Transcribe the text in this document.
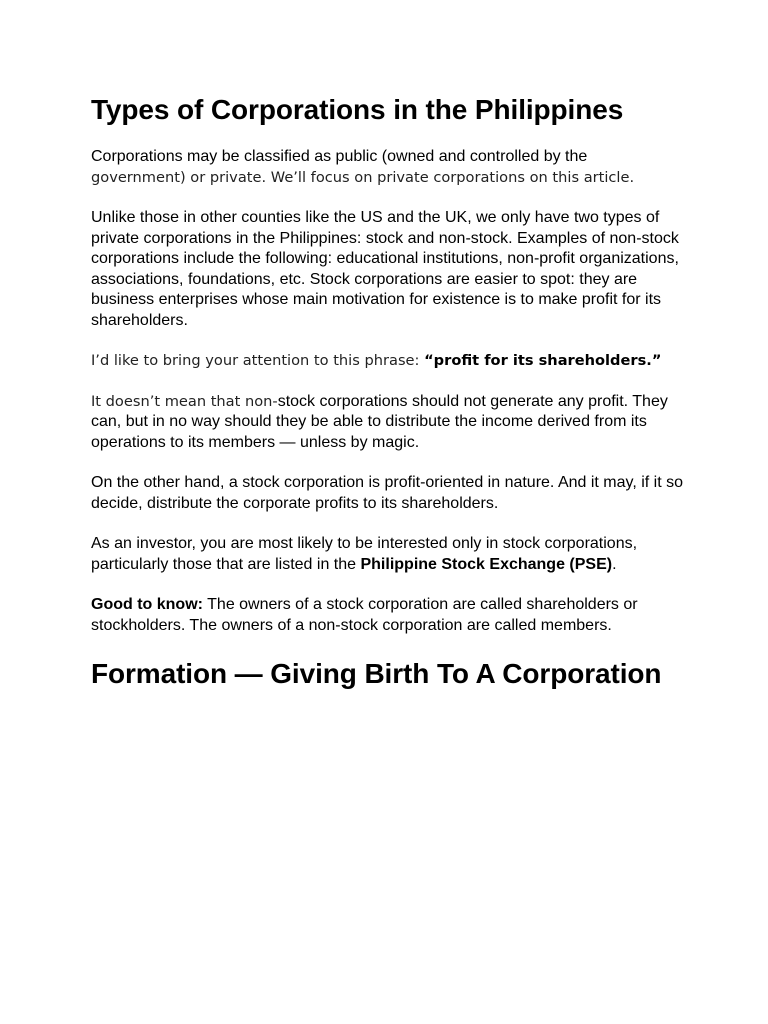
Types of Corporations in the Philippines

Corporations may be classified as public (owned and controlled by the
government) or private. We’ll focus on private corporations on this article.

Unlike those in other counties like the US and the UK, we only have two types of private corporations in the Philippines: stock and non-stock. Examples of non-stock corporations include the following: educational institutions, non-profit organizations, associations, foundations, etc. Stock corporations are easier to spot: they are business enterprises whose main motivation for existence is to make profit for its shareholders.

I’d like to bring your attention to this phrase: “profit for its shareholders.”

It doesn’t mean that non-stock corporations should not generate any profit. They can, but in no way should they be able to distribute the income derived from its operations to its members — unless by magic.

On the other hand, a stock corporation is profit-oriented in nature. And it may, if it so decide, distribute the corporate profits to its shareholders.

As an investor, you are most likely to be interested only in stock corporations, particularly those that are listed in the Philippine Stock Exchange (PSE).

Good to know: The owners of a stock corporation are called shareholders or stockholders. The owners of a non-stock corporation are called members.

Formation — Giving Birth To A Corporation
